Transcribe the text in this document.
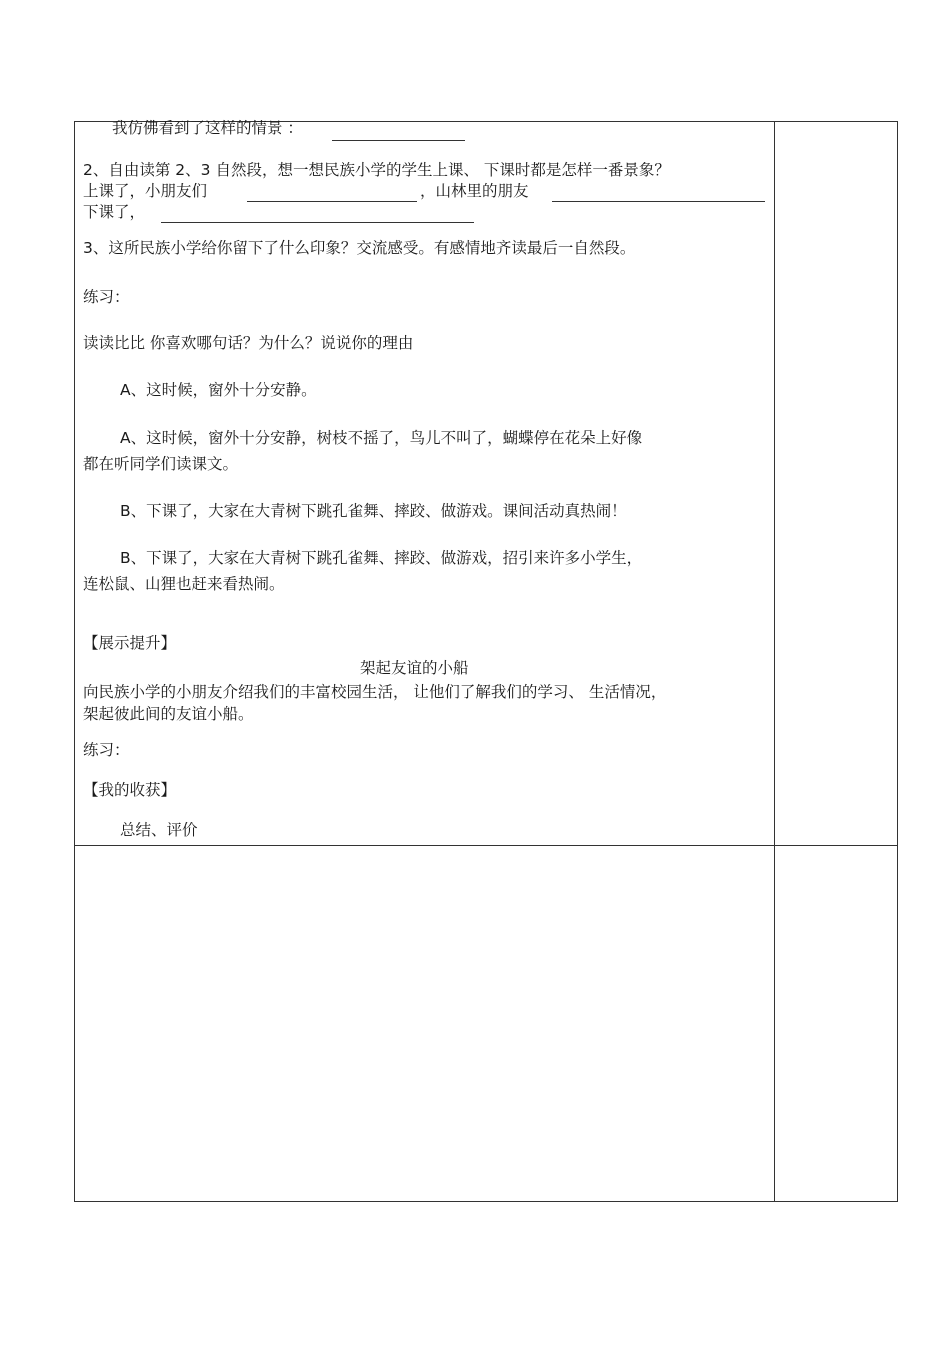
我仿佛看到了这样的情景 ：
2、自由读第 2、3 自然段，想一想民族小学的学生上课、 下课时都是怎样一番景象？
上课了，小朋友们	，山林里的朋友
下课了，
3、这所民族小学给你留下了什么印象？交流感受。有感情地齐读最后一自然段。
练习：
读读比比 你喜欢哪句话？为什么？说说你的理由
A、这时候，窗外十分安静。
A、这时候，窗外十分安静，树枝不摇了，鸟儿不叫了，蝴蝶停在花朵上好像
都在听同学们读课文。
B、下课了，大家在大青树下跳孔雀舞、摔跤、做游戏。课间活动真热闹！
B、下课了，大家在大青树下跳孔雀舞、摔跤、做游戏，招引来许多小学生，
连松鼠、山狸也赶来看热闹。
【展示提升】
架起友谊的小船
向民族小学的小朋友介绍我们的丰富校园生活， 让他们了解我们的学习、 生活情况，
架起彼此间的友谊小船。
练习：
【我的收获】
总结、评价
